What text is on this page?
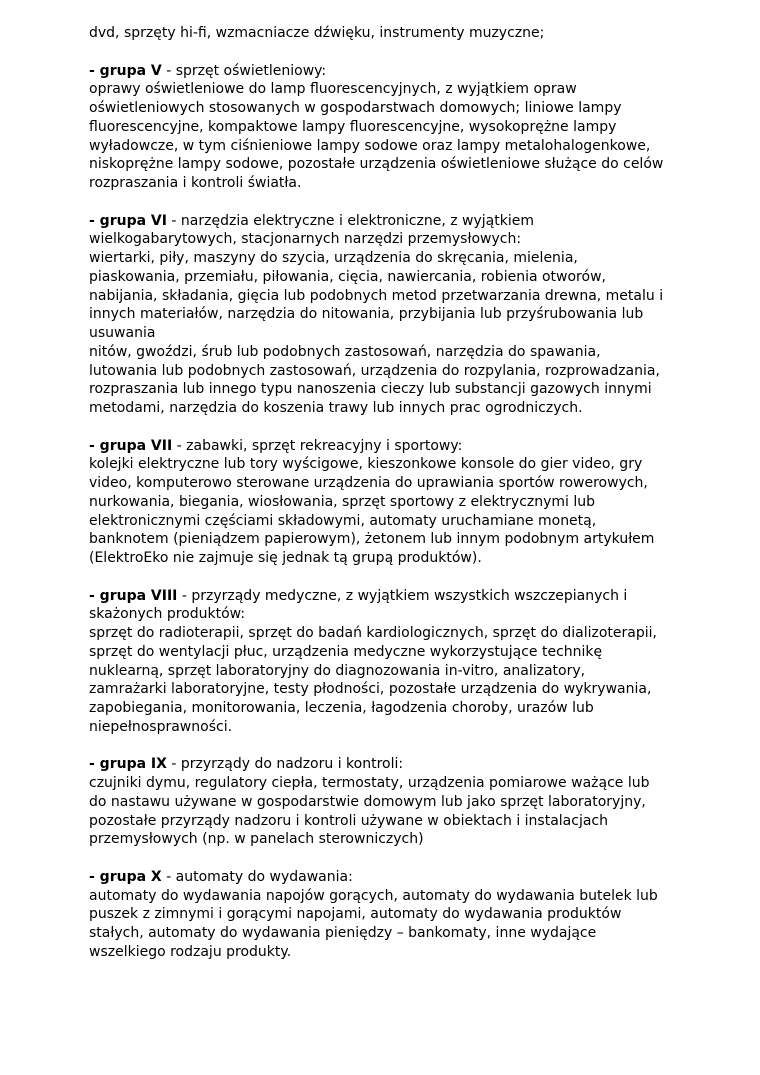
dvd, sprzęty hi-fi, wzmacniacze dźwięku, instrumenty muzyczne;
- grupa V - sprzęt oświetleniowy:
oprawy oświetleniowe do lamp fluorescencyjnych, z wyjątkiem opraw
oświetleniowych stosowanych w gospodarstwach domowych; liniowe lampy
fluorescencyjne, kompaktowe lampy fluorescencyjne, wysokoprężne lampy
wyładowcze, w tym ciśnieniowe lampy sodowe oraz lampy metalohalogenkowe,
niskoprężne lampy sodowe, pozostałe urządzenia oświetleniowe służące do celów
rozpraszania i kontroli światła.
- grupa VI - narzędzia elektryczne i elektroniczne, z wyjątkiem
wielkogabarytowych, stacjonarnych narzędzi przemysłowych:
wiertarki, piły, maszyny do szycia, urządzenia do skręcania, mielenia,
piaskowania, przemiału, piłowania, cięcia, nawiercania, robienia otworów,
nabijania, składania, gięcia lub podobnych metod przetwarzania drewna, metalu i
innych materiałów, narzędzia do nitowania, przybijania lub przyśrubowania lub
usuwania
nitów, gwoździ, śrub lub podobnych zastosowań, narzędzia do spawania,
lutowania lub podobnych zastosowań, urządzenia do rozpylania, rozprowadzania,
rozpraszania lub innego typu nanoszenia cieczy lub substancji gazowych innymi
metodami, narzędzia do koszenia trawy lub innych prac ogrodniczych.
- grupa VII - zabawki, sprzęt rekreacyjny i sportowy:
kolejki elektryczne lub tory wyścigowe, kieszonkowe konsole do gier video, gry
video, komputerowo sterowane urządzenia do uprawiania sportów rowerowych,
nurkowania, biegania, wiosłowania, sprzęt sportowy z elektrycznymi lub
elektronicznymi częściami składowymi, automaty uruchamiane monetą,
banknotem (pieniądzem papierowym), żetonem lub innym podobnym artykułem
(ElektroEko nie zajmuje się jednak tą grupą produktów).
- grupa VIII - przyrządy medyczne, z wyjątkiem wszystkich wszczepianych i
skażonych produktów:
sprzęt do radioterapii, sprzęt do badań kardiologicznych, sprzęt do dializoterapii,
sprzęt do wentylacji płuc, urządzenia medyczne wykorzystujące technikę
nuklearną, sprzęt laboratoryjny do diagnozowania in-vitro, analizatory,
zamrażarki laboratoryjne, testy płodności, pozostałe urządzenia do wykrywania,
zapobiegania, monitorowania, leczenia, łagodzenia choroby, urazów lub
niepełnosprawności.
- grupa IX - przyrządy do nadzoru i kontroli:
czujniki dymu, regulatory ciepła, termostaty, urządzenia pomiarowe ważące lub
do nastawu używane w gospodarstwie domowym lub jako sprzęt laboratoryjny,
pozostałe przyrządy nadzoru i kontroli używane w obiektach i instalacjach
przemysłowych (np. w panelach sterowniczych)
- grupa X - automaty do wydawania:
automaty do wydawania napojów gorących, automaty do wydawania butelek lub
puszek z zimnymi i gorącymi napojami, automaty do wydawania produktów
stałych, automaty do wydawania pieniędzy – bankomaty, inne wydające
wszelkiego rodzaju produkty.
